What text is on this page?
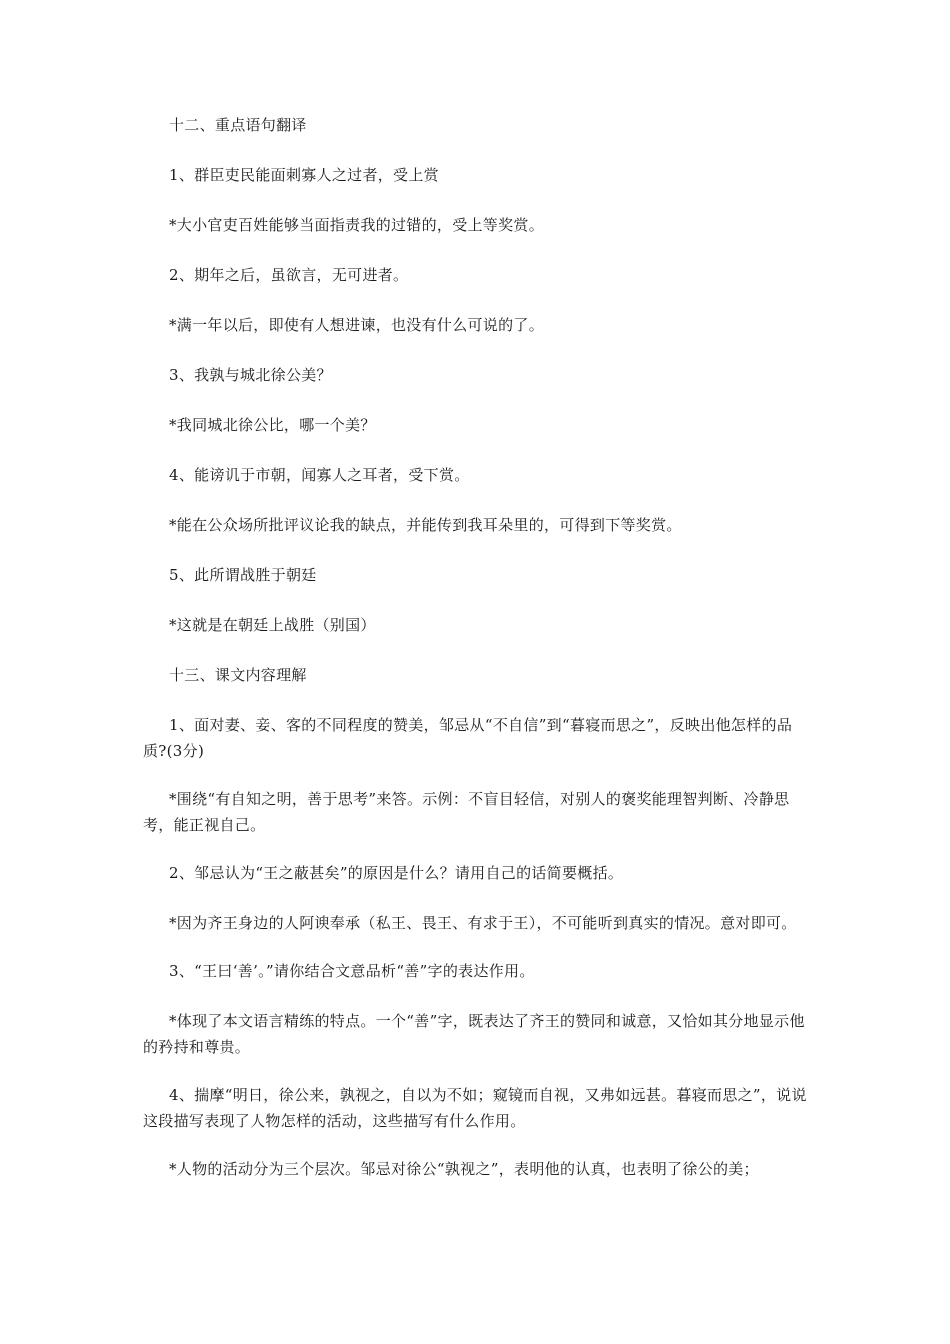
十二、重点语句翻译

1、群臣吏民能面刺寡人之过者，受上赏

*大小官吏百姓能够当面指责我的过错的，受上等奖赏。

2、期年之后，虽欲言，无可进者。

*满一年以后，即使有人想进谏，也没有什么可说的了。

3、我孰与城北徐公美？

*我同城北徐公比，哪一个美？

4、能谤讥于市朝，闻寡人之耳者，受下赏。

*能在公众场所批评议论我的缺点，并能传到我耳朵里的，可得到下等奖赏。

5、此所谓战胜于朝廷

*这就是在朝廷上战胜（别国）

十三、课文内容理解

1、面对妻、妾、客的不同程度的赞美，邹忌从“不自信”到“暮寝而思之”，反映出他怎样的品质?(3分)

*围绕“有自知之明，善于思考”来答。示例：不盲目轻信，对别人的褒奖能理智判断、冷静思考，能正视自己。

2、邹忌认为“王之蔽甚矣”的原因是什么？请用自己的话简要概括。

*因为齐王身边的人阿谀奉承（私王、畏王、有求于王），不可能听到真实的情况。意对即可。

3、“王曰‘善’。”请你结合文意品析“善”字的表达作用。

*体现了本文语言精练的特点。一个“善”字，既表达了齐王的赞同和诚意，又恰如其分地显示他的矜持和尊贵。

4、揣摩“明日，徐公来，孰视之，自以为不如；窥镜而自视，又弗如远甚。暮寝而思之”，说说这段描写表现了人物怎样的活动，这些描写有什么作用。

*人物的活动分为三个层次。邹忌对徐公“孰视之”，表明他的认真，也表明了徐公的美；
